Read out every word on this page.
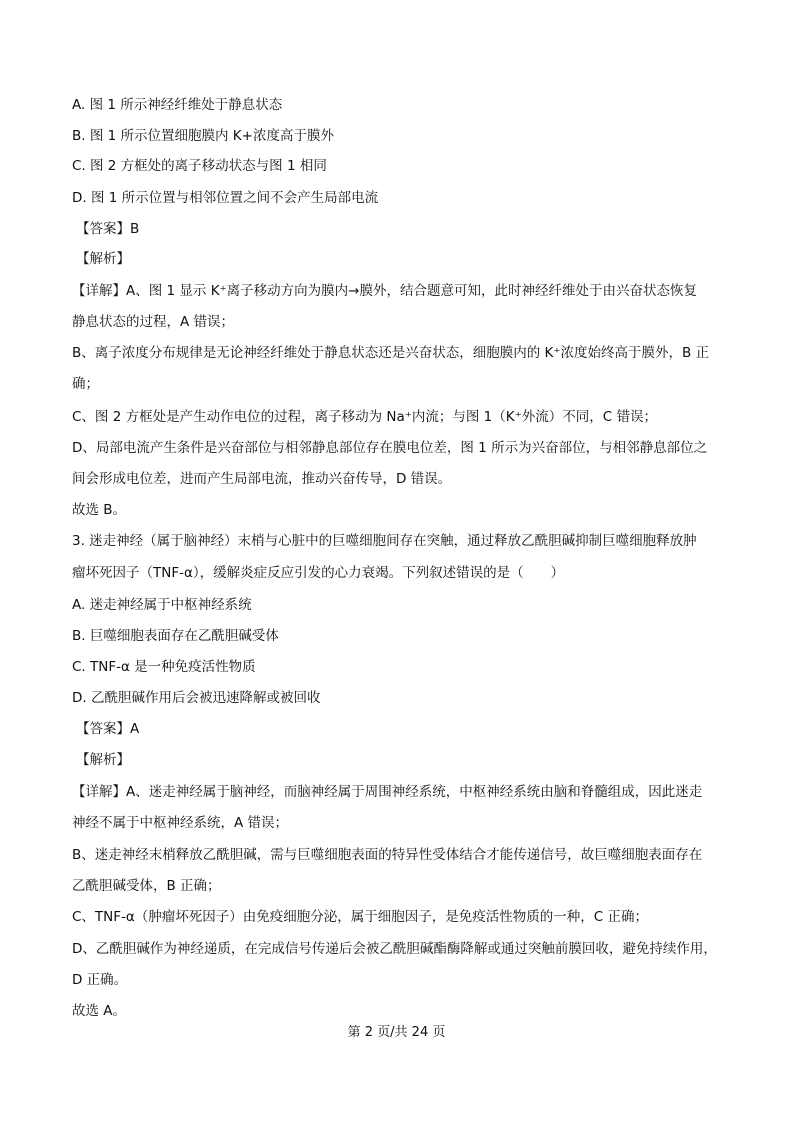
A. 图 1 所示神经纤维处于静息状态
B. 图 1 所示位置细胞膜内 K+浓度高于膜外
C. 图 2 方框处的离子移动状态与图 1 相同
D. 图 1 所示位置与相邻位置之间不会产生局部电流
【答案】B
【解析】
【详解】A、图 1 显示 K⁺离子移动方向为膜内→膜外，结合题意可知，此时神经纤维处于由兴奋状态恢复
静息状态的过程，A 错误；
B、离子浓度分布规律是无论神经纤维处于静息状态还是兴奋状态，细胞膜内的 K⁺浓度始终高于膜外，B 正
确；
C、图 2 方框处是产生动作电位的过程，离子移动为 Na⁺内流；与图 1（K⁺外流）不同，C 错误；
D、局部电流产生条件是兴奋部位与相邻静息部位存在膜电位差，图 1 所示为兴奋部位，与相邻静息部位之
间会形成电位差，进而产生局部电流，推动兴奋传导，D 错误。
故选 B。
3. 迷走神经（属于脑神经）末梢与心脏中的巨噬细胞间存在突触，通过释放乙酰胆碱抑制巨噬细胞释放肿
瘤坏死因子（TNF-α），缓解炎症反应引发的心力衰竭。下列叙述错误的是（　　）
A. 迷走神经属于中枢神经系统
B. 巨噬细胞表面存在乙酰胆碱受体
C. TNF-α 是一种免疫活性物质
D. 乙酰胆碱作用后会被迅速降解或被回收
【答案】A
【解析】
【详解】A、迷走神经属于脑神经，而脑神经属于周围神经系统，中枢神经系统由脑和脊髓组成，因此迷走
神经不属于中枢神经系统，A 错误；
B、迷走神经末梢释放乙酰胆碱，需与巨噬细胞表面的特异性受体结合才能传递信号，故巨噬细胞表面存在
乙酰胆碱受体，B 正确；
C、TNF-α（肿瘤坏死因子）由免疫细胞分泌，属于细胞因子，是免疫活性物质的一种，C 正确；
D、乙酰胆碱作为神经递质，在完成信号传递后会被乙酰胆碱酯酶降解或通过突触前膜回收，避免持续作用，
D 正确。
故选 A。
第 2 页/共 24 页
